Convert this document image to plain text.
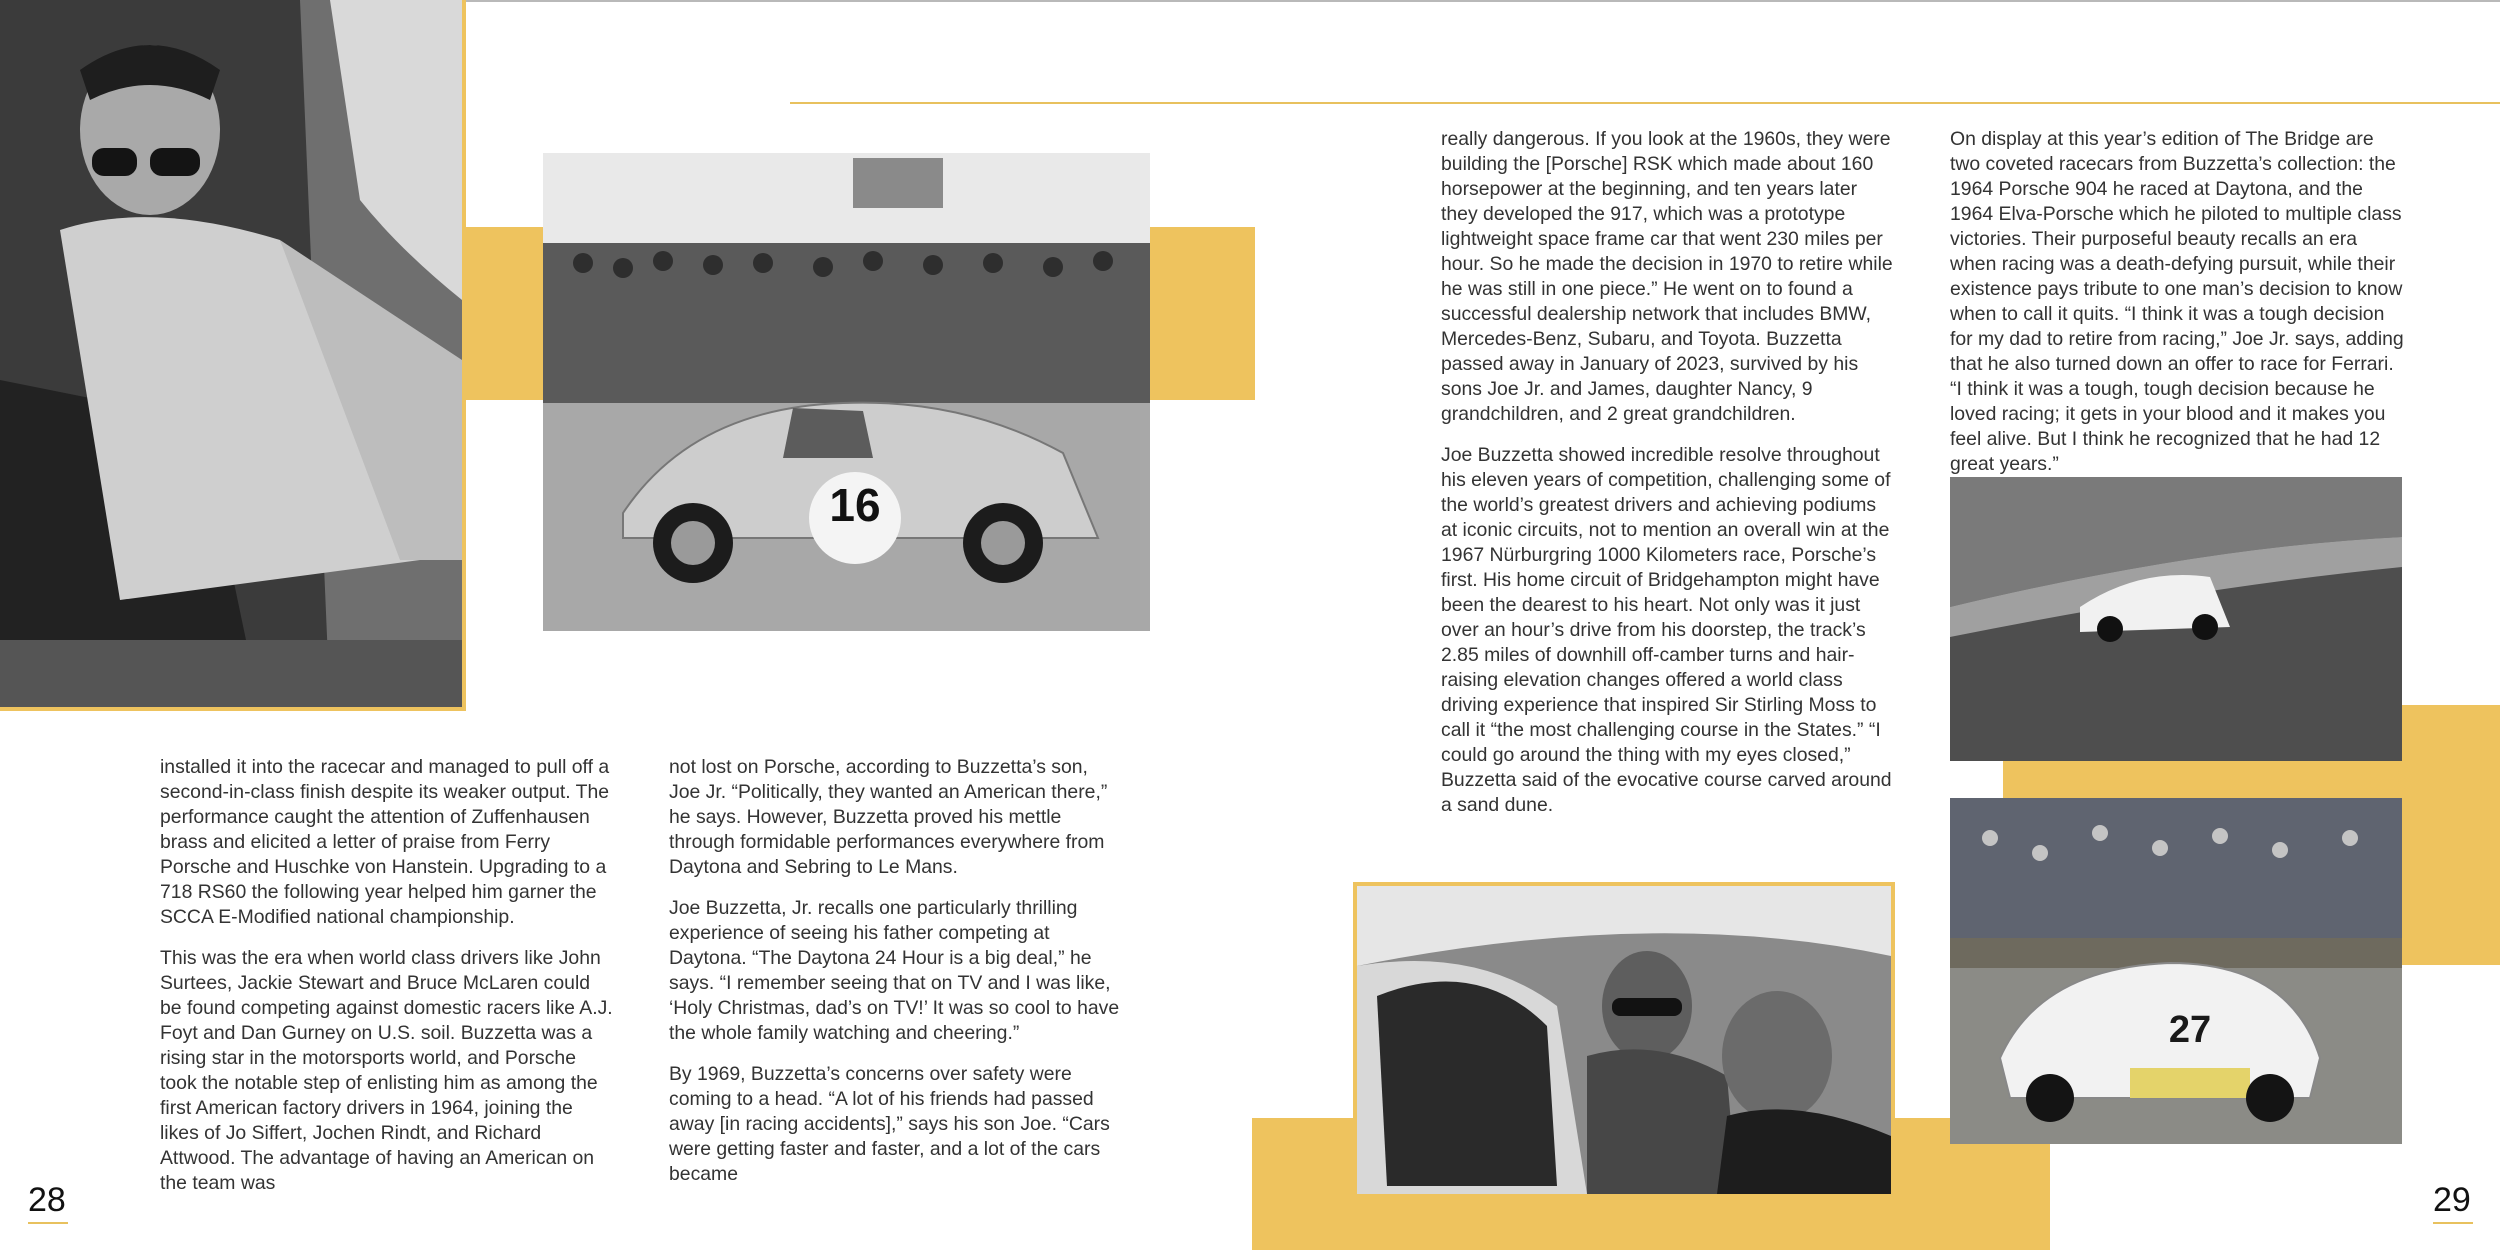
16
27

installed it into the racecar and managed to pull off a second-in-class finish despite its weaker output. The performance caught the attention of Zuffenhausen brass and elicited a letter of praise from Ferry Porsche and Huschke von Hanstein. Upgrading to a 718 RS60 the following year helped him garner the SCCA E-Modified national championship.

This was the era when world class drivers like John Surtees, Jackie Stewart and Bruce McLaren could be found competing against domestic racers like A.J. Foyt and Dan Gurney on U.S. soil. Buzzetta was a rising star in the motorsports world, and Porsche took the notable step of enlisting him as among the first American factory drivers in 1964, joining the likes of Jo Siffert, Jochen Rindt, and Richard Attwood. The advantage of having an American on the team was

not lost on Porsche, according to Buzzetta’s son, Joe Jr. “Politically, they wanted an American there,” he says. However, Buzzetta proved his mettle through formidable performances everywhere from Daytona and Sebring to Le Mans.

Joe Buzzetta, Jr. recalls one particularly thrilling experience of seeing his father competing at Daytona. “The Daytona 24 Hour is a big deal,” he says. “I remember seeing that on TV and I was like, ‘Holy Christmas, dad’s on TV!’ It was so cool to have the whole family watching and cheering.”

By 1969, Buzzetta’s concerns over safety were coming to a head. “A lot of his friends had passed away [in racing accidents],” says his son Joe. “Cars were getting faster and faster, and a lot of the cars became

really dangerous. If you look at the 1960s, they were building the [Porsche] RSK which made about 160 horsepower at the beginning, and ten years later they developed the 917, which was a prototype lightweight space frame car that went 230 miles per hour. So he made the decision in 1970 to retire while he was still in one piece.” He went on to found a successful dealership network that includes BMW, Mercedes-Benz, Subaru, and Toyota. Buzzetta passed away in January of 2023, survived by his sons Joe Jr. and James, daughter Nancy, 9 grandchildren, and 2 great grandchildren.

Joe Buzzetta showed incredible resolve throughout his eleven years of competition, challenging some of the world’s greatest drivers and achieving podiums at iconic circuits, not to mention an overall win at the 1967 Nürburgring 1000 Kilometers race, Porsche’s first. His home circuit of Bridgehampton might have been the dearest to his heart. Not only was it just over an hour’s drive from his doorstep, the track’s 2.85 miles of downhill off-camber turns and hair-raising elevation changes offered a world class driving experience that inspired Sir Stirling Moss to call it “the most challenging course in the States.” “I could go around the thing with my eyes closed,” Buzzetta said of the evocative course carved around a sand dune.

On display at this year’s edition of The Bridge are two coveted racecars from Buzzetta’s collection: the 1964 Porsche 904 he raced at Daytona, and the 1964 Elva-Porsche which he piloted to multiple class victories. Their purposeful beauty recalls an era when racing was a death-defying pursuit, while their existence pays tribute to one man’s decision to know when to call it quits. “I think it was a tough decision for my dad to retire from racing,” Joe Jr. says, adding that he also turned down an offer to race for Ferrari. “I think it was a tough, tough decision because he loved racing; it gets in your blood and it makes you feel alive. But I think he recognized that he had 12 great years.”

28	29
